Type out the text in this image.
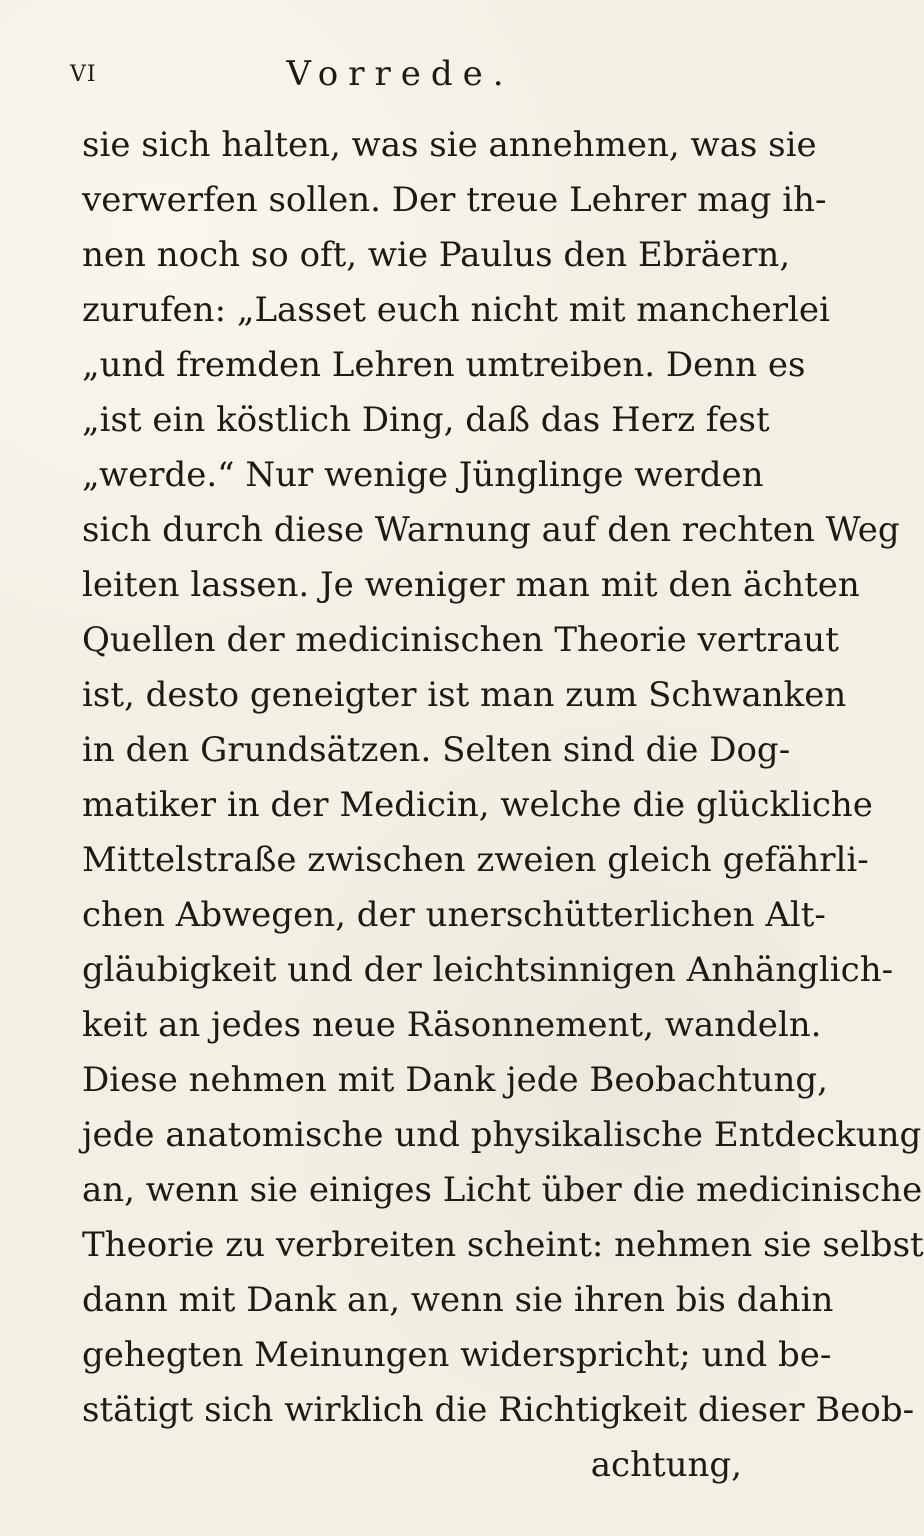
VI	Vorrede.
sie sich halten, was sie annehmen, was sie
verwerfen sollen. Der treue Lehrer mag ih-
nen noch so oft, wie Paulus den Ebräern,
zurufen: „Lasset euch nicht mit mancherlei
„und fremden Lehren umtreiben. Denn es
„ist ein köstlich Ding, daß das Herz fest
„werde.“ Nur wenige Jünglinge werden
sich durch diese Warnung auf den rechten Weg
leiten lassen. Je weniger man mit den ächten
Quellen der medicinischen Theorie vertraut
ist, desto geneigter ist man zum Schwanken
in den Grundsätzen. Selten sind die Dog-
matiker in der Medicin, welche die glückliche
Mittelstraße zwischen zweien gleich gefährli-
chen Abwegen, der unerschütterlichen Alt-
gläubigkeit und der leichtsinnigen Anhänglich-
keit an jedes neue Räsonnement, wandeln.
Diese nehmen mit Dank jede Beobachtung,
jede anatomische und physikalische Entdeckung
an, wenn sie einiges Licht über die medicinische
Theorie zu verbreiten scheint: nehmen sie selbst
dann mit Dank an, wenn sie ihren bis dahin
gehegten Meinungen widerspricht; und be-
stätigt sich wirklich die Richtigkeit dieser Beob-
achtung,
